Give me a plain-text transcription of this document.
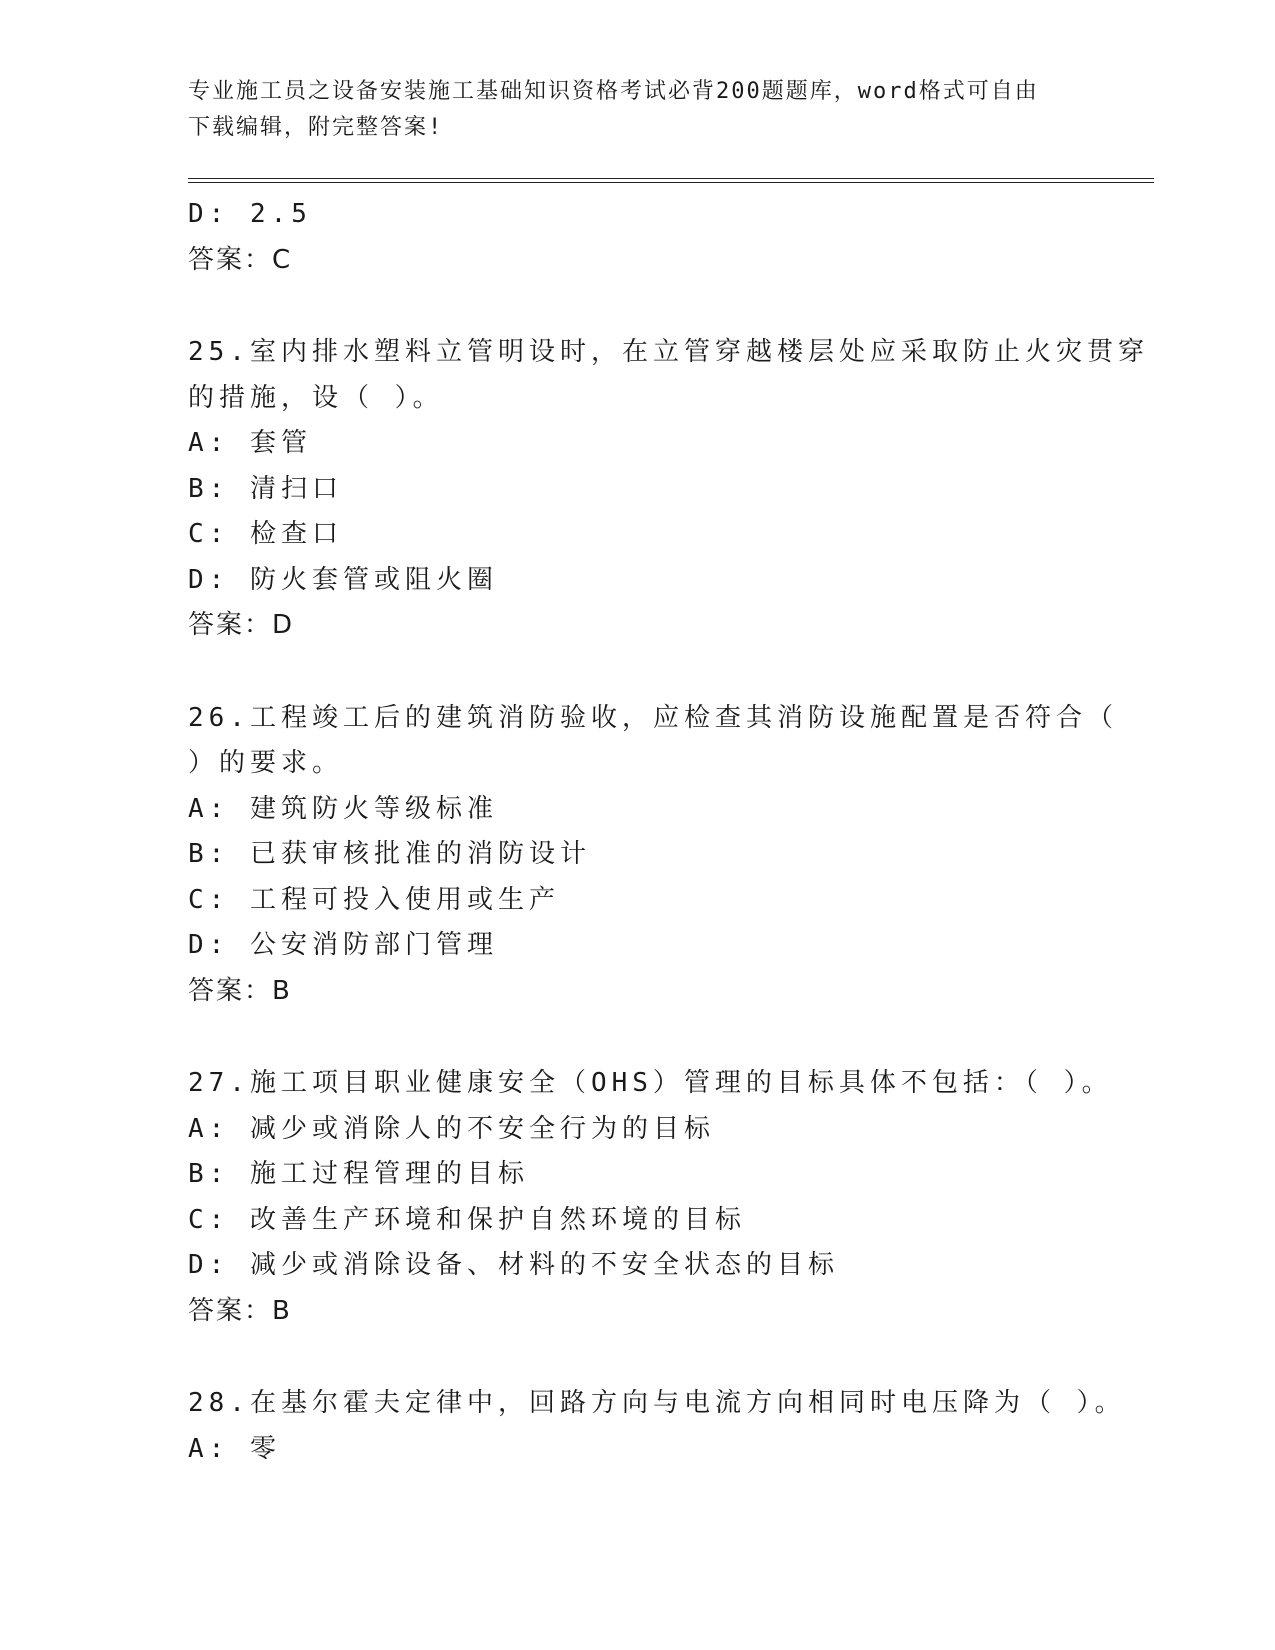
专业施工员之设备安装施工基础知识资格考试必背200题题库，word格式可自由
下载编辑，附完整答案!
D: 2.5
答案：C
25.室内排水塑料立管明设时，在立管穿越楼层处应采取防止火灾贯穿
的措施，设（ ）。
A: 套管
B: 清扫口
C: 检查口
D: 防火套管或阻火圈
答案：D
26.工程竣工后的建筑消防验收，应检查其消防设施配置是否符合（
）的要求。
A: 建筑防火等级标准
B: 已获审核批准的消防设计
C: 工程可投入使用或生产
D: 公安消防部门管理
答案：B
27.施工项目职业健康安全（OHS）管理的目标具体不包括：（ ）。
A: 减少或消除人的不安全行为的目标
B: 施工过程管理的目标
C: 改善生产环境和保护自然环境的目标
D: 减少或消除设备、材料的不安全状态的目标
答案：B
28.在基尔霍夫定律中，回路方向与电流方向相同时电压降为（ ）。
A: 零
